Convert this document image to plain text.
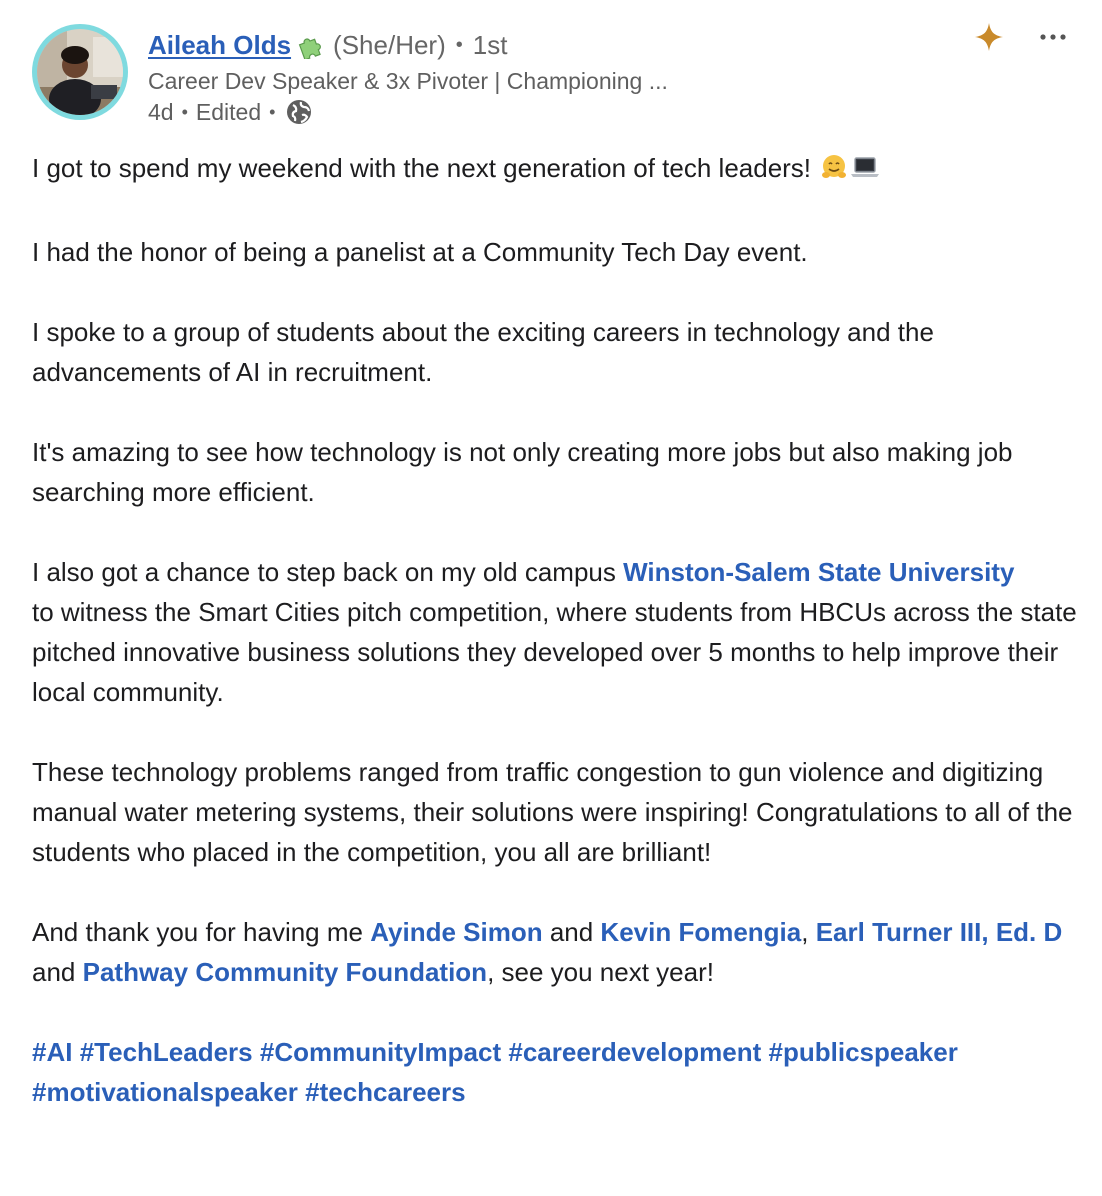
Aileah Olds (She/Her) • 1st
Career Dev Speaker & 3x Pivoter | Championing ...
4d • Edited •

I got to spend my weekend with the next generation of tech leaders!

I had the honor of being a panelist at a Community Tech Day event.

I spoke to a group of students about the exciting careers in technology and the advancements of AI in recruitment.

It's amazing to see how technology is not only creating more jobs but also making job searching more efficient.

I also got a chance to step back on my old campus Winston-Salem State University
to witness the Smart Cities pitch competition, where students from HBCUs across the state pitched innovative business solutions they developed over 5 months to help improve their local community.

These technology problems ranged from traffic congestion to gun violence and digitizing manual water metering systems, their solutions were inspiring! Congratulations to all of the students who placed in the competition, you all are brilliant!

And thank you for having me Ayinde Simon and Kevin Fomengia, Earl Turner III, Ed. D and Pathway Community Foundation, see you next year!

#AI #TechLeaders #CommunityImpact #careerdevelopment #publicspeaker #motivationalspeaker #techcareers
